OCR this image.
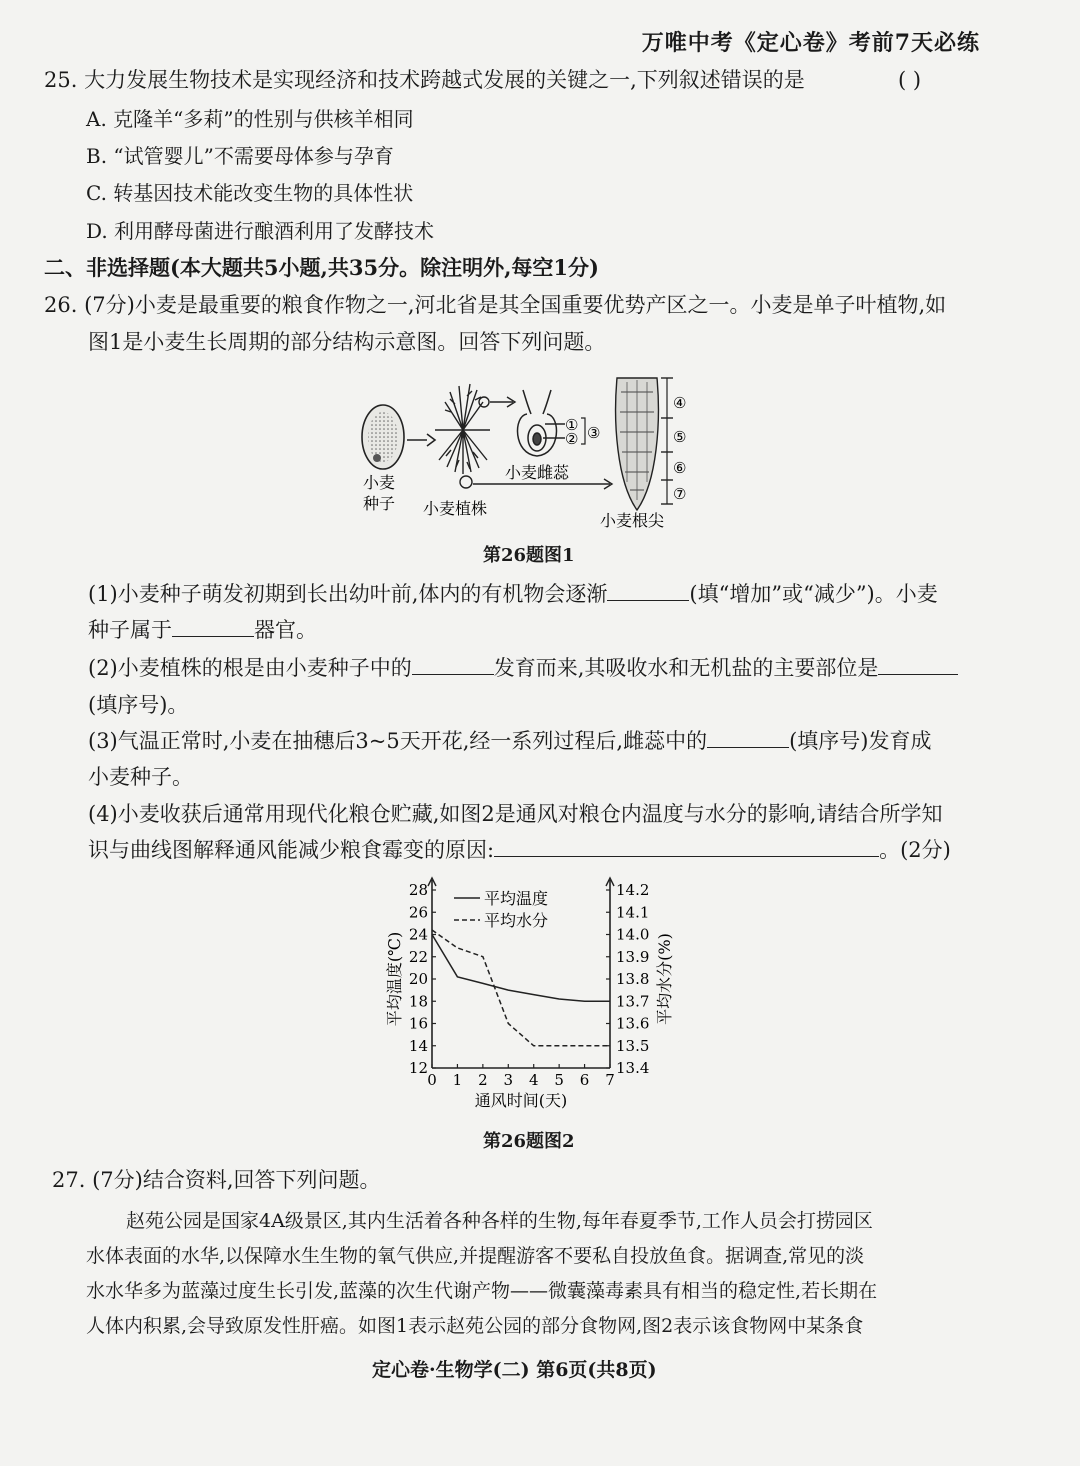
万唯中考《定心卷》考前7天必练
25. 大力发展生物技术是实现经济和技术跨越式发展的关键之一,下列叙述错误的是	( )
A. 克隆羊“多莉”的性别与供核羊相同
B. “试管婴儿”不需要母体参与孕育
C. 转基因技术能改变生物的具体性状
D. 利用酵母菌进行酿酒利用了发酵技术
二、非选择题(本大题共5小题,共35分。除注明外,每空1分)
26. (7分)小麦是最重要的粮食作物之一,河北省是其全国重要优势产区之一。小麦是单子叶植物,如
图1是小麦生长周期的部分结构示意图。回答下列问题。
①
② ③
小麦雌蕊
④
⑤
⑥
⑦
小麦
种子 小麦植株
小麦根尖
第26题图1
(1)小麦种子萌发初期到长出幼叶前,体内的有机物会逐渐	(填“增加”或“减少”)。小麦
种子属于	器官。
(2)小麦植株的根是由小麦种子中的	发育而来,其吸收水和无机盐的主要部位是
(填序号)。
(3)气温正常时,小麦在抽穗后3~5天开花,经一系列过程后,雌蕊中的	(填序号)发育成
小麦种子。
(4)小麦收获后通常用现代化粮仓贮藏,如图2是通风对粮仓内温度与水分的影响,请结合所学知
识与曲线图解释通风能减少粮食霉变的原因:	。(2分)
0 1 2 3 4 5 6 7
12
14
16
18
20
22
24
26
28
13.4
13.5
13.6
13.7
13.8
13.9
14.0
14.1
14.2
平均温度
平均水分
通风时间(天)
平均温度(℃)	平均水分(%)
第26题图2
27. (7分)结合资料,回答下列问题。
赵苑公园是国家4A级景区,其内生活着各种各样的生物,每年春夏季节,工作人员会打捞园区
水体表面的水华,以保障水生生物的氧气供应,并提醒游客不要私自投放鱼食。据调查,常见的淡
水水华多为蓝藻过度生长引发,蓝藻的次生代谢产物——微囊藻毒素具有相当的稳定性,若长期在
人体内积累,会导致原发性肝癌。如图1表示赵苑公园的部分食物网,图2表示该食物网中某条食
定心卷·生物学(二) 第6页(共8页)
